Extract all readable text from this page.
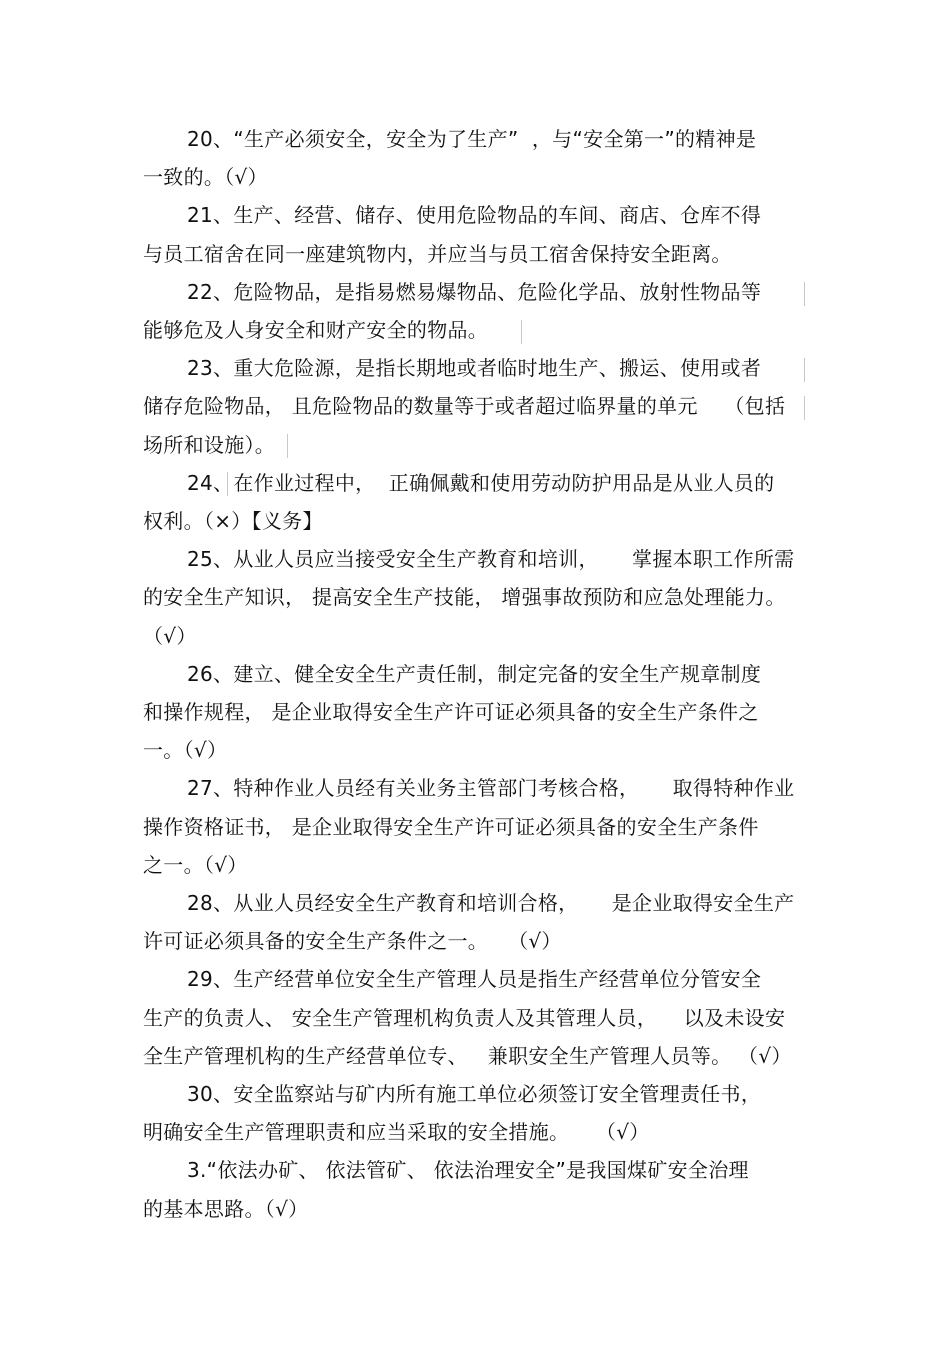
20、“生产必须安全，安全为了生产”  ，与“安全第一”的精神是
一致的。（√）

21、生产、经营、储存、使用危险物品的车间、商店、仓库不得
与员工宿舍在同一座建筑物内，并应当与员工宿舍保持安全距离。

22、危险物品，是指易燃易爆物品、危险化学品、放射性物品等
能够危及人身安全和财产安全的物品。

23、重大危险源，是指长期地或者临时地生产、搬运、使用或者
储存危险物品， 且危险物品的数量等于或者超过临界量的单元    （包括
场所和设施）。

24、在作业过程中，  正确佩戴和使用劳动防护用品是从业人员的
权利。（×）【义务】

25、从业人员应当接受安全生产教育和培训，     掌握本职工作所需
的安全生产知识， 提高安全生产技能， 增强事故预防和应急处理能力。
（√）

26、建立、健全安全生产责任制，制定完备的安全生产规章制度
和操作规程， 是企业取得安全生产许可证必须具备的安全生产条件之
一。（√）

27、特种作业人员经有关业务主管部门考核合格，     取得特种作业
操作资格证书， 是企业取得安全生产许可证必须具备的安全生产条件
之一。（√）

28、从业人员经安全生产教育和培训合格，     是企业取得安全生产
许可证必须具备的安全生产条件之一。   （√）

29、生产经营单位安全生产管理人员是指生产经营单位分管安全
生产的负责人、 安全生产管理机构负责人及其管理人员，    以及未设安
全生产管理机构的生产经营单位专、   兼职安全生产管理人员等。 （√）

30、安全监察站与矿内所有施工单位必须签订安全管理责任书，
明确安全生产管理职责和应当采取的安全措施。    （√）

3.“依法办矿、 依法管矿、 依法治理安全”是我国煤矿安全治理
的基本思路。（√）
